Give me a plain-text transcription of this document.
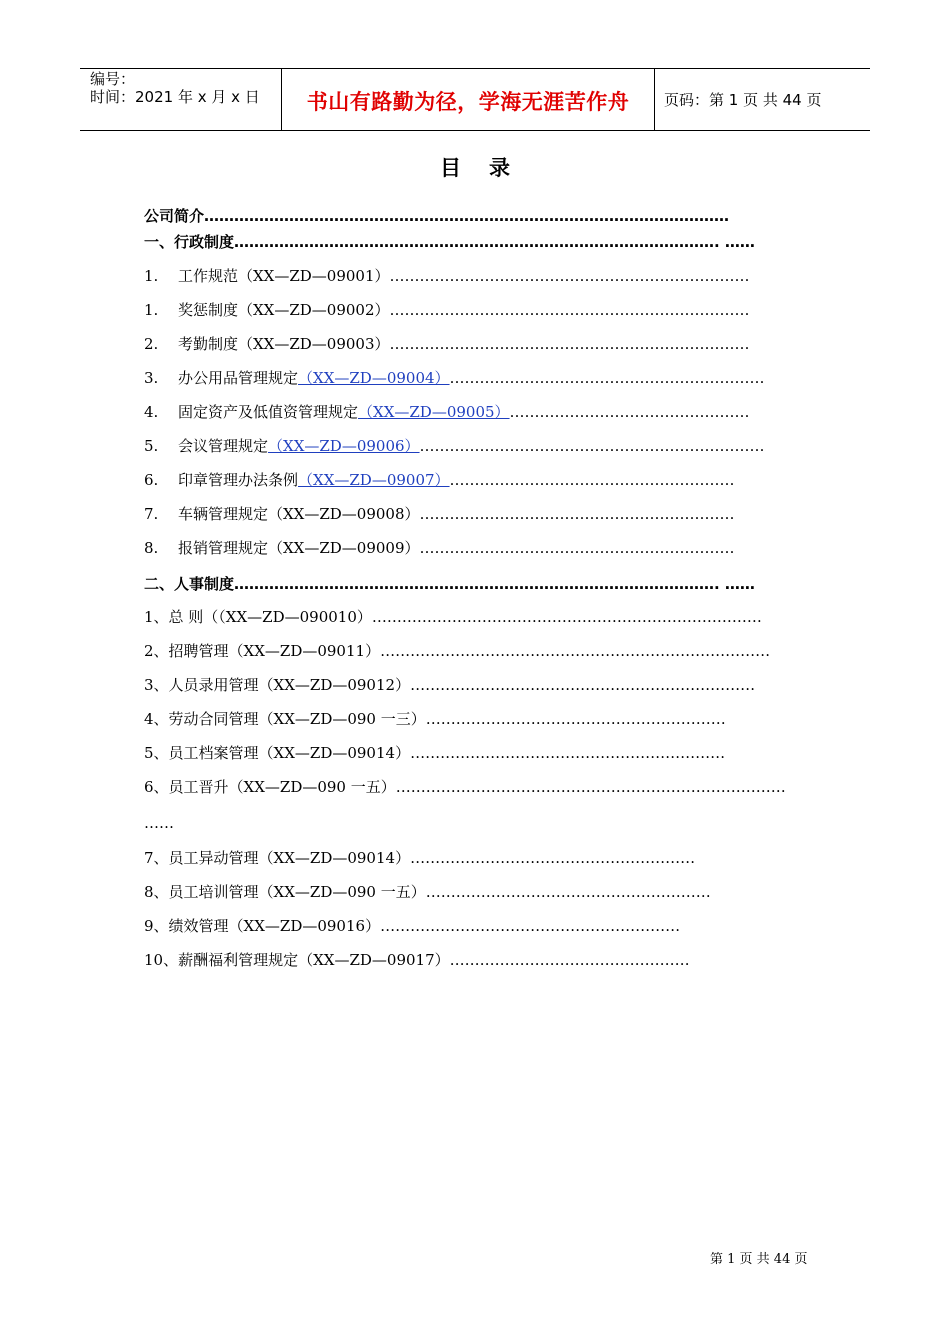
编号：
时间：2021 年 x 月 x 日	书山有路勤为径，学海无涯苦作舟	页码：第 1 页 共 44 页
目录
公司简介……………………………………………………………………………………………
一、行政制度……………………………………………………………………………………. ……
1. 工作规范（XX—ZD—09001）………………………………………………………………
1. 奖惩制度（XX—ZD—09002）………………………………………………………………
2. 考勤制度（XX—ZD—09003）………………………………………………………………
3. 办公用品管理规定（XX—ZD—09004）………………………………………………………
4. 固定资产及低值资管理规定（XX—ZD—09005）…………………………………………
5. 会议管理规定（XX—ZD—09006）……………………………………………………………
6. 印章管理办法条例（XX—ZD—09007）…………………………………………………
7. 车辆管理规定（XX—ZD—09008）………………………………………………………
8. 报销管理规定（XX—ZD—09009）………………………………………………………
二、人事制度……………………………………………………………………………………. ……
1、总 则（（XX—ZD—090010）……………………………………………………………………
2、招聘管理（XX—ZD—09011）……………………………………………………………………
3、人员录用管理（XX—ZD—09012）……………………………………………………………
4、劳动合同管理（XX—ZD—090 一三）……………………………………………………
5、员工档案管理（XX—ZD—09014）………………………………………………………
6、员工晋升（XX—ZD—090 一五）……………………………………………………………………
……
7、员工异动管理（XX—ZD—09014）…………………………………………………
8、员工培训管理（XX—ZD—090 一五）…………………………………………………
9、绩效管理（XX—ZD—09016）……………………………………………………
10、薪酬福利管理规定（XX—ZD—09017）…………………………………………
第 1 页 共 44 页
